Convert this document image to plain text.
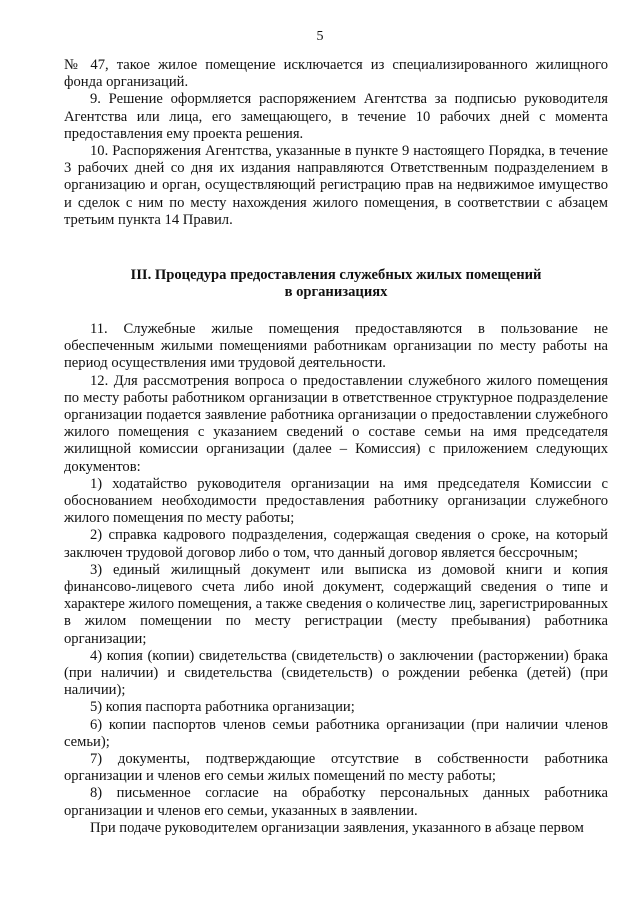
5

№ 47, такое жилое помещение исключается из специализированного жилищного фонда организаций.

9. Решение оформляется распоряжением Агентства за подписью руководителя Агентства или лица, его замещающего, в течение 10 рабочих дней с момента предоставления ему проекта решения.

10. Распоряжения Агентства, указанные в пункте 9 настоящего Порядка, в течение 3 рабочих дней со дня их издания направляются Ответственным подразделением в организацию и орган, осуществляющий регистрацию прав на недвижимое имущество и сделок с ним по месту нахождения жилого помещения, в соответствии с абзацем третьим пункта 14 Правил.

III. Процедура предоставления служебных жилых помещений
в организациях

11. Служебные жилые помещения предоставляются в пользование не обеспеченным жилыми помещениями работникам организации по месту работы на период осуществления ими трудовой деятельности.

12. Для рассмотрения вопроса о предоставлении служебного жилого помещения по месту работы работником организации в ответственное структурное подразделение организации подается заявление работника организации о предоставлении служебного жилого помещения с указанием сведений о составе семьи на имя председателя жилищной комиссии организации (далее – Комиссия) с приложением следующих документов:

1) ходатайство руководителя организации на имя председателя Комиссии с обоснованием необходимости предоставления работнику организации служебного жилого помещения по месту работы;

2) справка кадрового подразделения, содержащая сведения о сроке, на который заключен трудовой договор либо о том, что данный договор является бессрочным;

3) единый жилищный документ или выписка из домовой книги и копия финансово-лицевого счета либо иной документ, содержащий сведения о типе и характере жилого помещения, а также сведения о количестве лиц, зарегистрированных в жилом помещении по месту регистрации (месту пребывания) работника организации;

4) копия (копии) свидетельства (свидетельств) о заключении (расторжении) брака (при наличии) и свидетельства (свидетельств) о рождении ребенка (детей) (при наличии);

5) копия паспорта работника организации;

6) копии паспортов членов семьи работника организации (при наличии членов семьи);

7) документы, подтверждающие отсутствие в собственности работника организации и членов его семьи жилых помещений по месту работы;

8) письменное согласие на обработку персональных данных работника организации и членов его семьи, указанных в заявлении.

При подаче руководителем организации заявления, указанного в абзаце первом
